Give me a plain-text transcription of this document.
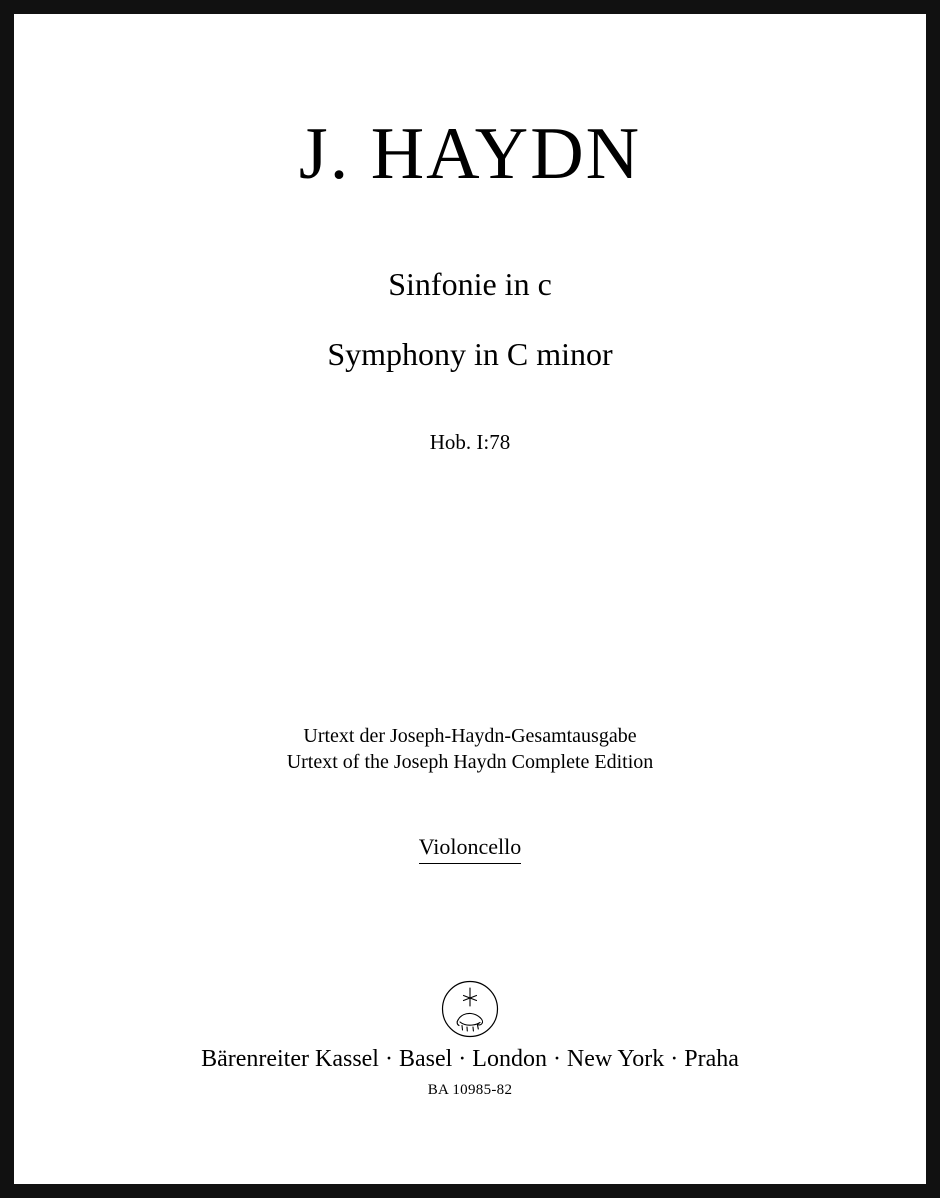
J. HAYDN
Sinfonie in c
Symphony in C minor
Hob. I:78
Urtext der Joseph-Haydn-Gesamtausgabe
Urtext of the Joseph Haydn Complete Edition
Violoncello
Bärenreiter Kassel · Basel · London · New York · Praha
BA 10985-82
